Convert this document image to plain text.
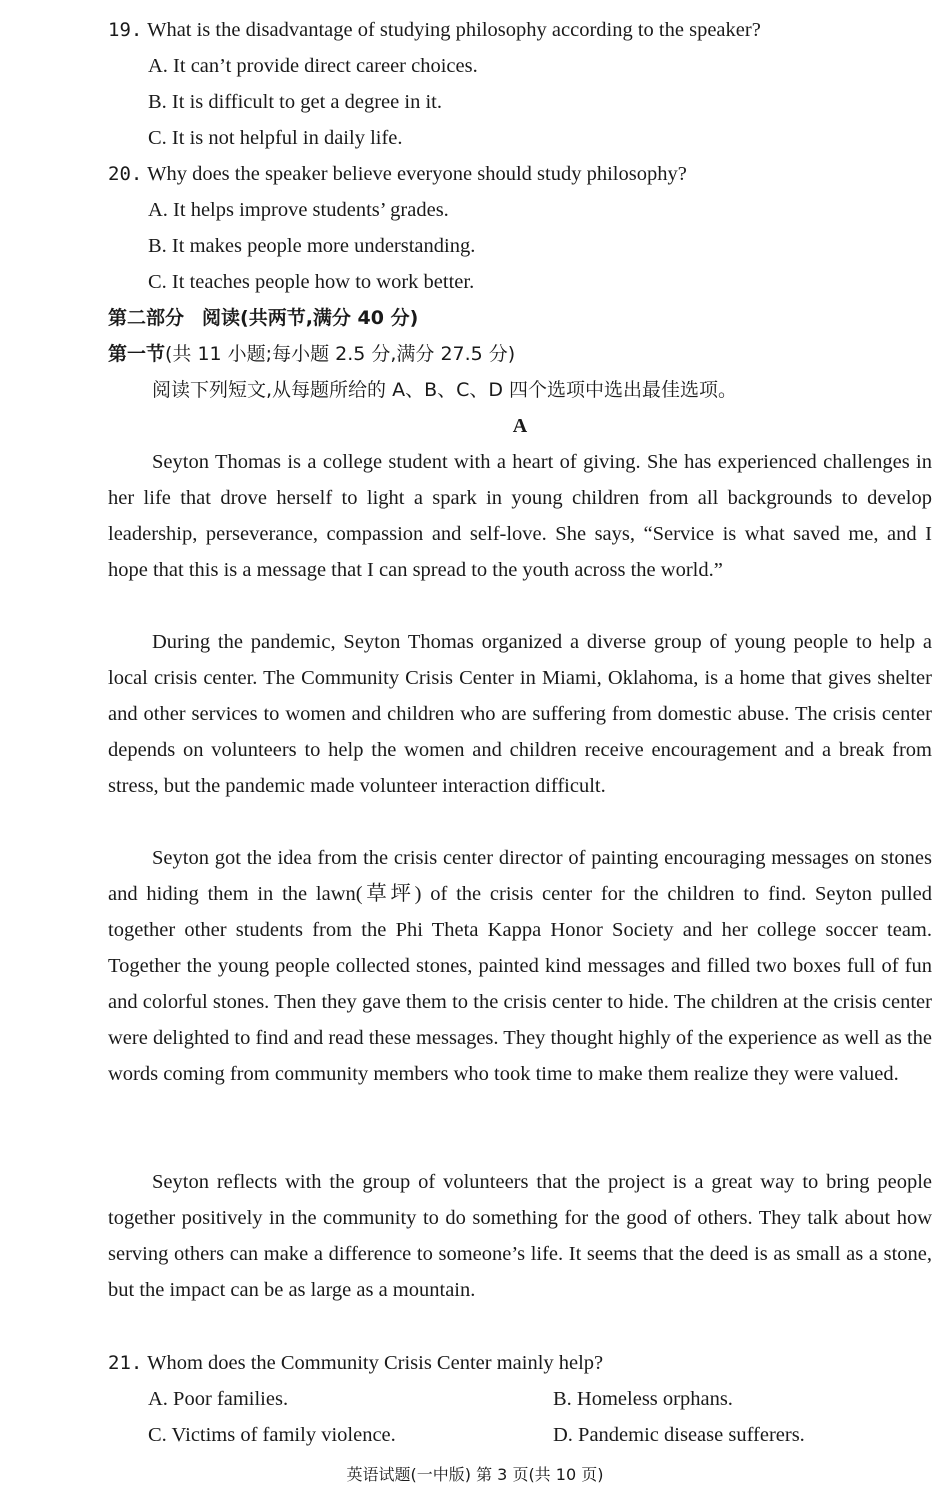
19. What is the disadvantage of studying philosophy according to the speaker?
A. It can’t provide direct career choices.
B. It is difficult to get a degree in it.
C. It is not helpful in daily life.
20. Why does the speaker believe everyone should study philosophy?
A. It helps improve students’ grades.
B. It makes people more understanding.
C. It teaches people how to work better.
第二部分 阅读(共两节,满分 40 分)
第一节(共 11 小题;每小题 2.5 分,满分 27.5 分)
阅读下列短文,从每题所给的 A、B、C、D 四个选项中选出最佳选项。
A

Seyton Thomas is a college student with a heart of giving. She has experienced challenges in her life that drove herself to light a spark in young children from all backgrounds to develop leadership, perseverance, compassion and self-love. She says, “Service is what saved me, and I hope that this is a message that I can spread to the youth across the world.”

During the pandemic, Seyton Thomas organized a diverse group of young people to help a local crisis center. The Community Crisis Center in Miami, Oklahoma, is a home that gives shelter and other services to women and children who are suffering from domestic abuse. The crisis center depends on volunteers to help the women and children receive encouragement and a break from stress, but the pandemic made volunteer interaction difficult.

Seyton got the idea from the crisis center director of painting encouraging messages on stones and hiding them in the lawn(草坪) of the crisis center for the children to find. Seyton pulled together other students from the Phi Theta Kappa Honor Society and her college soccer team. Together the young people collected stones, painted kind messages and filled two boxes full of fun and colorful stones. Then they gave them to the crisis center to hide. The children at the crisis center were delighted to find and read these messages. They thought highly of the experience as well as the words coming from community members who took time to make them realize they were valued.

Seyton reflects with the group of volunteers that the project is a great way to bring people together positively in the community to do something for the good of others. They talk about how serving others can make a difference to someone’s life. It seems that the deed is as small as a stone, but the impact can be as large as a mountain.

21. Whom does the Community Crisis Center mainly help?
A. Poor families.	B. Homeless orphans.
C. Victims of family violence.	D. Pandemic disease sufferers.
英语试题(一中版) 第 3 页(共 10 页)
